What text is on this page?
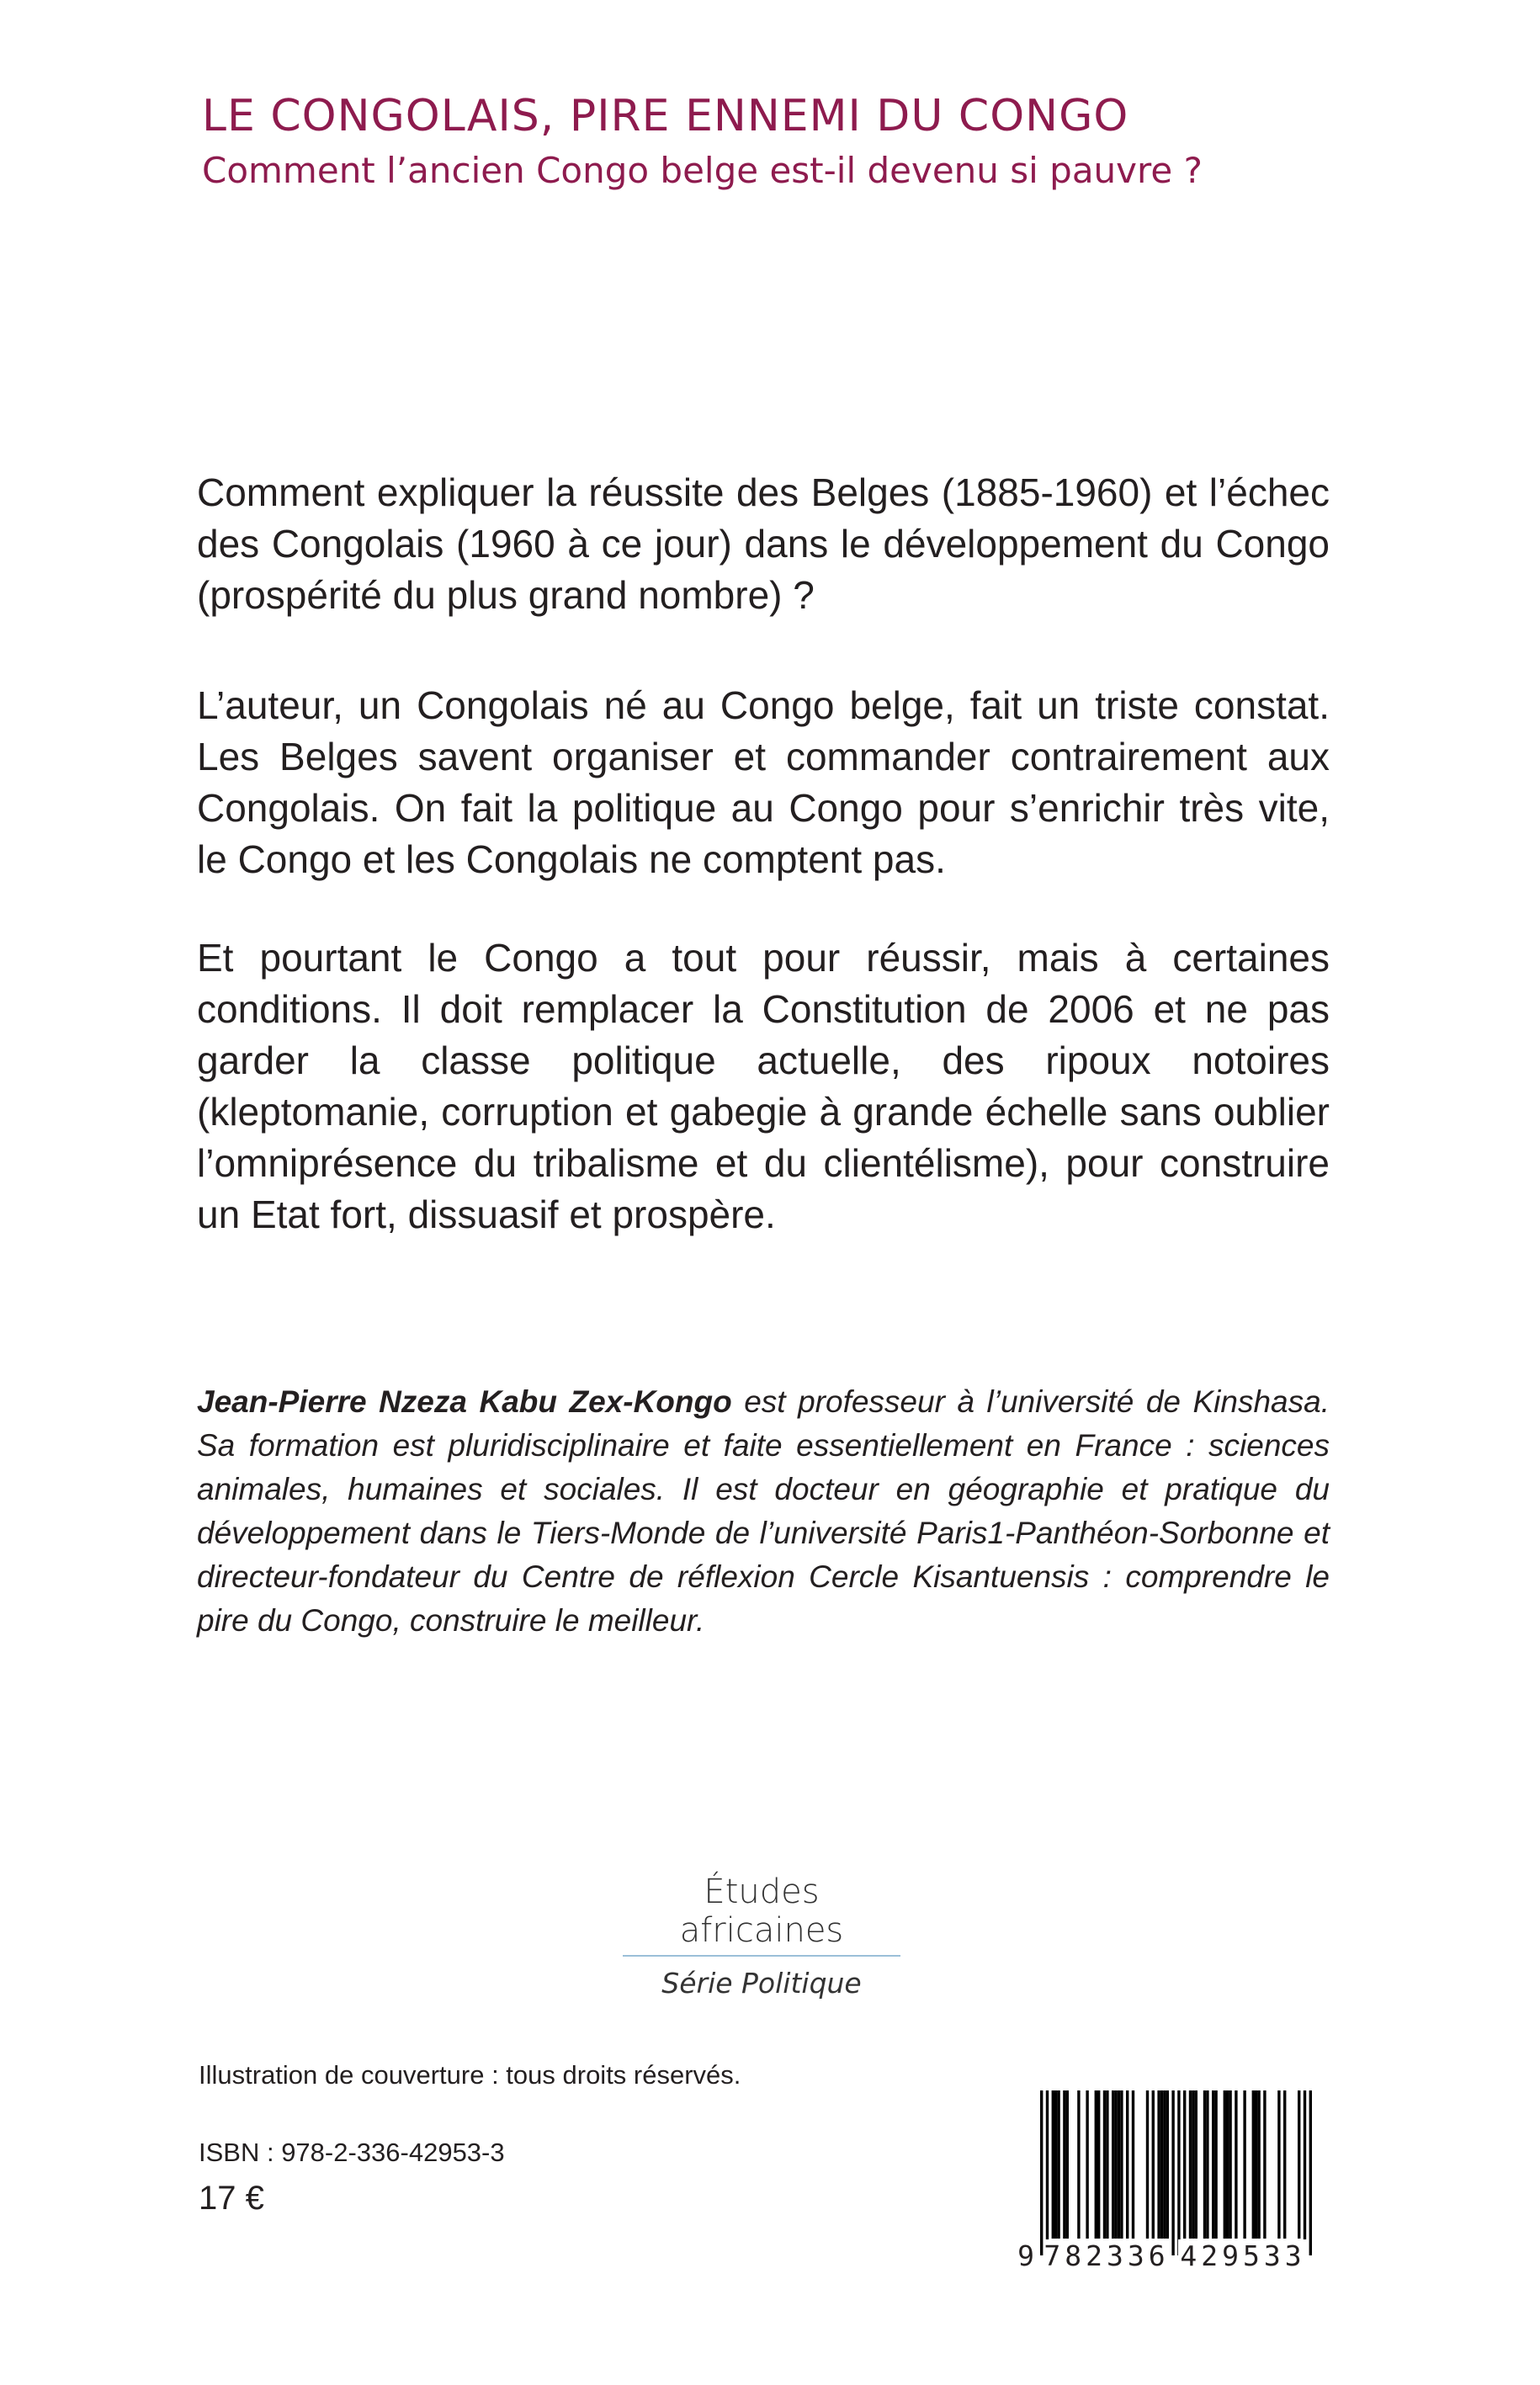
LE CONGOLAIS, PIRE ENNEMI DU CONGO
Comment l’ancien Congo belge est-il devenu si pauvre ?

Comment expliquer la réussite des Belges (1885-1960) et l’échec des Congolais (1960 à ce jour) dans le développement du Congo (prospérité du plus grand nombre) ?

L’auteur, un Congolais né au Congo belge, fait un triste constat. Les Belges savent organiser et commander contrairement aux Congolais. On fait la politique au Congo pour s’enrichir très vite, le Congo et les Congolais ne comptent pas.

Et pourtant le Congo a tout pour réussir, mais à certaines conditions. Il doit remplacer la Constitution de 2006 et ne pas garder la classe politique actuelle, des ripoux notoires (kleptomanie, corruption et gabegie à grande échelle sans oublier l’omniprésence du tribalisme et du clientélisme), pour construire un Etat fort, dissuasif et prospère.

Jean-Pierre Nzeza Kabu Zex-Kongo est professeur à l’université de Kinshasa. Sa formation est pluridisciplinaire et faite essentiellement en France : sciences animales, humaines et sociales. Il est docteur en géographie et pratique du développement dans le Tiers-Monde de l’université Paris1-Panthéon-Sorbonne et directeur-fondateur du Centre de réflexion Cercle Kisantuensis : comprendre le pire du Congo, construire le meilleur.

Études africaines
Série Politique
Illustration de couverture : tous droits réservés.
ISBN : 978-2-336-42953-3
17 €
9 782336 429533
